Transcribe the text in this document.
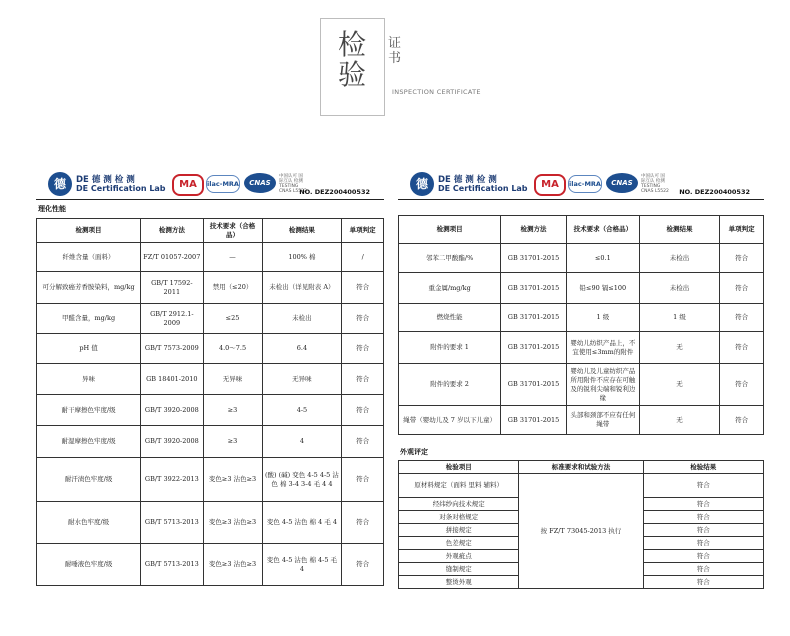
检验
证书
INSPECTION CERTIFICATE
德	DE 德 测 检 测
DE Certification Lab	MA	ilac-MRA	CNAS
中国认可 国际互认 检测 TESTING CNAS L5522
NO. DEZ200400532
理化性能
检测项目	检测方法	技术要求（合格品）	检测结果	单项判定
纤维含量（面料）	FZ/T 01057-2007	—	100% 棉	/
可分解致癌芳香胺染料，mg/kg	GB/T 17592-2011	禁用（≤20）	未检出（详见附表 A）	符合
甲醛含量，mg/kg	GB/T 2912.1-2009	≤25	未检出	符合
pH 值	GB/T 7573-2009	4.0～7.5	6.4	符合
异味	GB 18401-2010	无异味	无异味	符合
耐干摩擦色牢度/级	GB/T 3920-2008	≥3	4-5	符合
耐湿摩擦色牢度/级	GB/T 3920-2008	≥3	4	符合
耐汗渍色牢度/级	GB/T 3922-2013	变色≥3 沾色≥3	(酸) (碱) 变色 4-5 4-5 沾色 棉 3-4 3-4 毛 4 4	符合
耐水色牢度/级	GB/T 5713-2013	变色≥3 沾色≥3	变色 4-5 沾色 棉 4 毛 4	符合
耐唾液色牢度/级	GB/T 5713-2013	变色≥3 沾色≥3	变色 4-5 沾色 棉 4-5 毛 4	符合
德	DE 德 测 检 测
DE Certification Lab	MA	ilac-MRA	CNAS
中国认可 国际互认 检测 TESTING CNAS L5522 NO. DEZ200400532
检测项目	检测方法	技术要求（合格品）	检测结果	单项判定
邻苯二甲酸酯/%	GB 31701-2015	≤0.1	未检出	符合
重金属/mg/kg	GB 31701-2015	铅≤90 镉≤100	未检出	符合
燃烧性能	GB 31701-2015	1 级	1 级	符合
附件的要求 1	GB 31701-2015	婴幼儿纺织产品上，不宜使用≤3mm的附件	无	符合
附件的要求 2	GB 31701-2015	婴幼儿及儿童纺织产品所用附件不应存在可触及的锐利尖端和锐利边缘	无	符合
绳带（婴幼儿及 7 岁以下儿童）	GB 31701-2015	头部和颈部不应有任何绳带	无	符合
外观评定
检验项目	标准要求和试验方法	检验结果
原材料规定（面料 里料 辅料）	按 FZ/T 73045-2013 执行	符合
经纬纱向技术规定		符合
对条对格规定		符合
拼接规定		符合
色差规定		符合
外观疵点		符合
缝制规定		符合
整烫外观		符合
